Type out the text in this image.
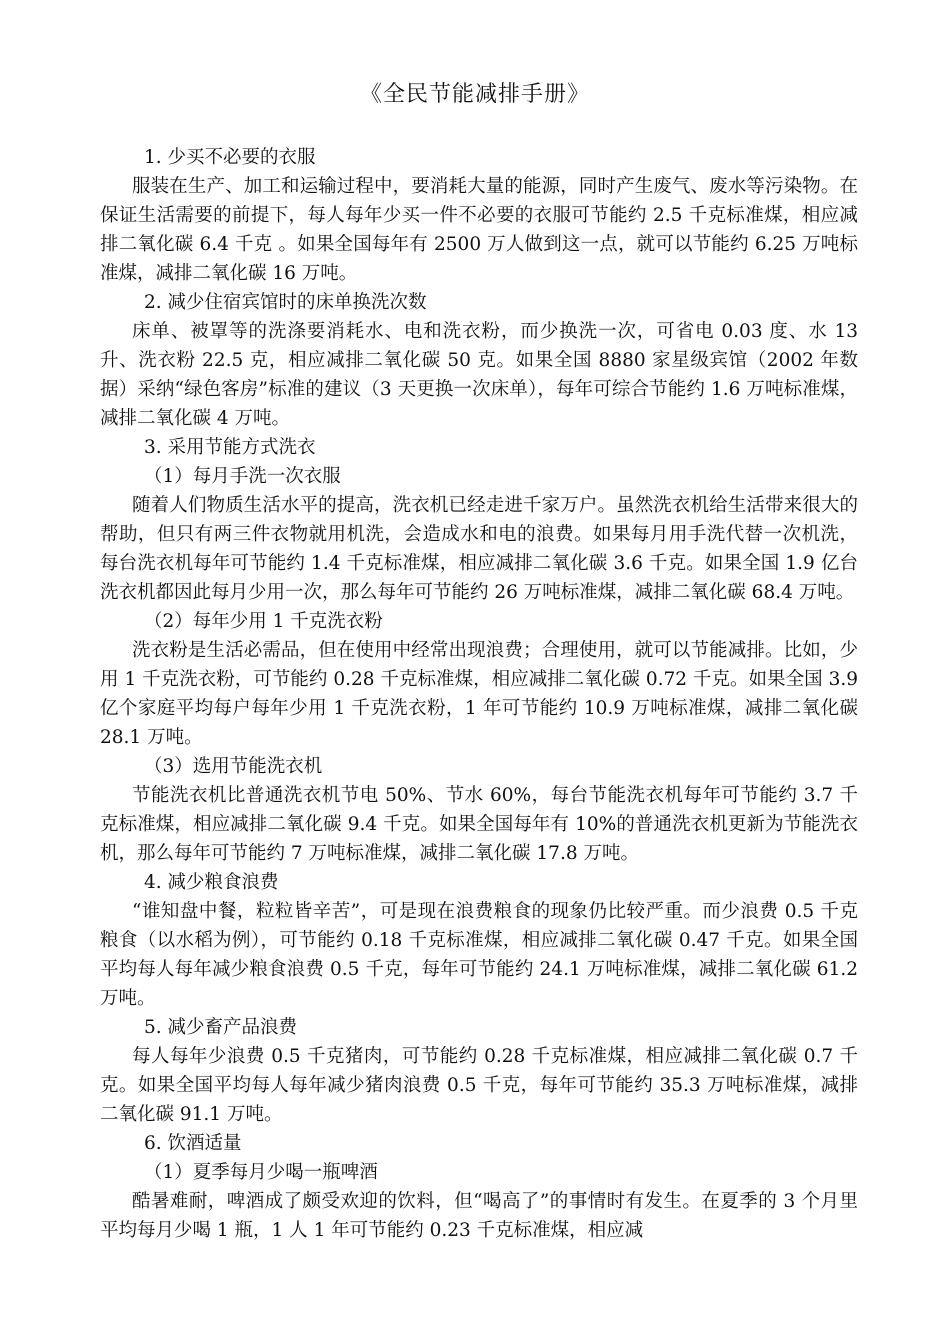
《全民节能减排手册》

1. 少买不必要的衣服

服装在生产、加工和运输过程中，要消耗大量的能源，同时产生废气、废水等污染物。在保证生活需要的前提下，每人每年少买一件不必要的衣服可节能约 2.5 千克标准煤，相应减排二氧化碳 6.4 千克 。如果全国每年有 2500 万人做到这一点，就可以节能约 6.25 万吨标准煤，减排二氧化碳 16 万吨。

2. 减少住宿宾馆时的床单换洗次数

床单、被罩等的洗涤要消耗水、电和洗衣粉，而少换洗一次，可省电 0.03 度、水 13 升、洗衣粉 22.5 克，相应减排二氧化碳 50 克。如果全国 8880 家星级宾馆（2002 年数据）采纳“绿色客房”标准的建议（3 天更换一次床单），每年可综合节能约 1.6 万吨标准煤，减排二氧化碳 4 万吨。

3. 采用节能方式洗衣

（1）每月手洗一次衣服

随着人们物质生活水平的提高，洗衣机已经走进千家万户。虽然洗衣机给生活带来很大的帮助，但只有两三件衣物就用机洗，会造成水和电的浪费。如果每月用手洗代替一次机洗，每台洗衣机每年可节能约 1.4 千克标准煤，相应减排二氧化碳 3.6 千克。如果全国 1.9 亿台洗衣机都因此每月少用一次，那么每年可节能约 26 万吨标准煤，减排二氧化碳 68.4 万吨。

（2）每年少用 1 千克洗衣粉

洗衣粉是生活必需品，但在使用中经常出现浪费；合理使用，就可以节能减排。比如，少用 1 千克洗衣粉，可节能约 0.28 千克标准煤，相应减排二氧化碳 0.72 千克。如果全国 3.9 亿个家庭平均每户每年少用 1 千克洗衣粉，1 年可节能约 10.9 万吨标准煤，减排二氧化碳 28.1 万吨。

（3）选用节能洗衣机

节能洗衣机比普通洗衣机节电 50%、节水 60%，每台节能洗衣机每年可节能约 3.7 千克标准煤，相应减排二氧化碳 9.4 千克。如果全国每年有 10%的普通洗衣机更新为节能洗衣机，那么每年可节能约 7 万吨标准煤，减排二氧化碳 17.8 万吨。

4. 减少粮食浪费

“谁知盘中餐，粒粒皆辛苦”，可是现在浪费粮食的现象仍比较严重。而少浪费 0.5 千克粮食（以水稻为例），可节能约 0.18 千克标准煤，相应减排二氧化碳 0.47 千克。如果全国平均每人每年减少粮食浪费 0.5 千克，每年可节能约 24.1 万吨标准煤，减排二氧化碳 61.2 万吨。

5. 减少畜产品浪费

每人每年少浪费 0.5 千克猪肉，可节能约 0.28 千克标准煤，相应减排二氧化碳 0.7 千克。如果全国平均每人每年减少猪肉浪费 0.5 千克，每年可节能约 35.3 万吨标准煤，减排二氧化碳 91.1 万吨。

6. 饮酒适量

（1）夏季每月少喝一瓶啤酒

酷暑难耐，啤酒成了颇受欢迎的饮料，但“喝高了”的事情时有发生。在夏季的 3 个月里平均每月少喝 1 瓶，1 人 1 年可节能约 0.23 千克标准煤，相应减
